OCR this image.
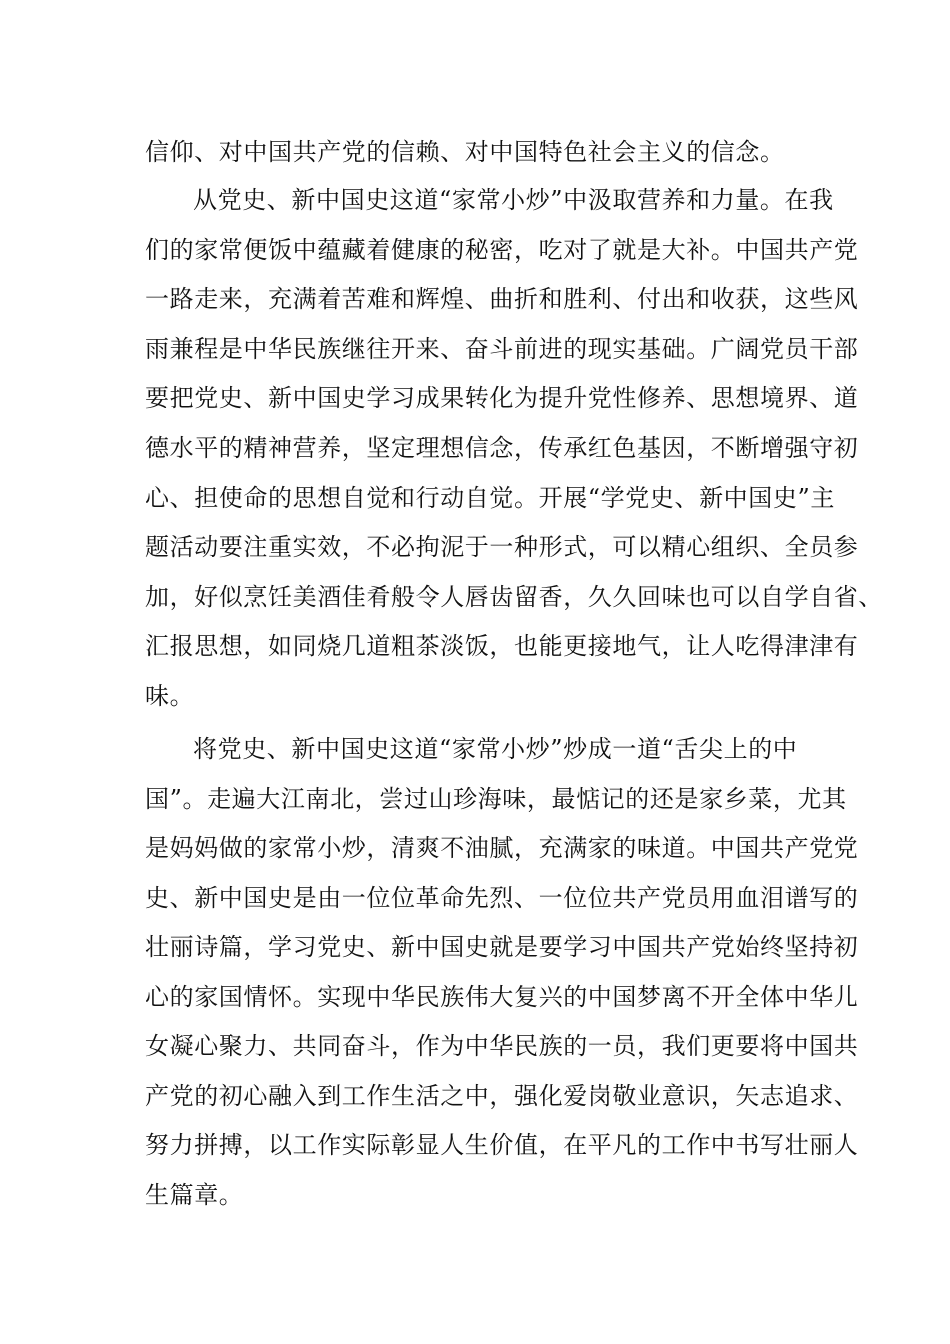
信仰、对中国共产党的信赖、对中国特色社会主义的信念。
从党史、新中国史这道“家常小炒”中汲取营养和力量。在我
们的家常便饭中蕴藏着健康的秘密，吃对了就是大补。中国共产党
一路走来，充满着苦难和辉煌、曲折和胜利、付出和收获，这些风
雨兼程是中华民族继往开来、奋斗前进的现实基础。广阔党员干部
要把党史、新中国史学习成果转化为提升党性修养、思想境界、道
德水平的精神营养，坚定理想信念，传承红色基因，不断增强守初
心、担使命的思想自觉和行动自觉。开展“学党史、新中国史”主
题活动要注重实效，不必拘泥于一种形式，可以精心组织、全员参
加，好似烹饪美酒佳肴般令人唇齿留香，久久回味也可以自学自省、
汇报思想，如同烧几道粗茶淡饭，也能更接地气，让人吃得津津有
味。
将党史、新中国史这道“家常小炒”炒成一道“舌尖上的中
国”。走遍大江南北，尝过山珍海味，最惦记的还是家乡菜，尤其
是妈妈做的家常小炒，清爽不油腻，充满家的味道。中国共产党党
史、新中国史是由一位位革命先烈、一位位共产党员用血泪谱写的
壮丽诗篇，学习党史、新中国史就是要学习中国共产党始终坚持初
心的家国情怀。实现中华民族伟大复兴的中国梦离不开全体中华儿
女凝心聚力、共同奋斗，作为中华民族的一员，我们更要将中国共
产党的初心融入到工作生活之中，强化爱岗敬业意识，矢志追求、
努力拼搏，以工作实际彰显人生价值，在平凡的工作中书写壮丽人
生篇章。
